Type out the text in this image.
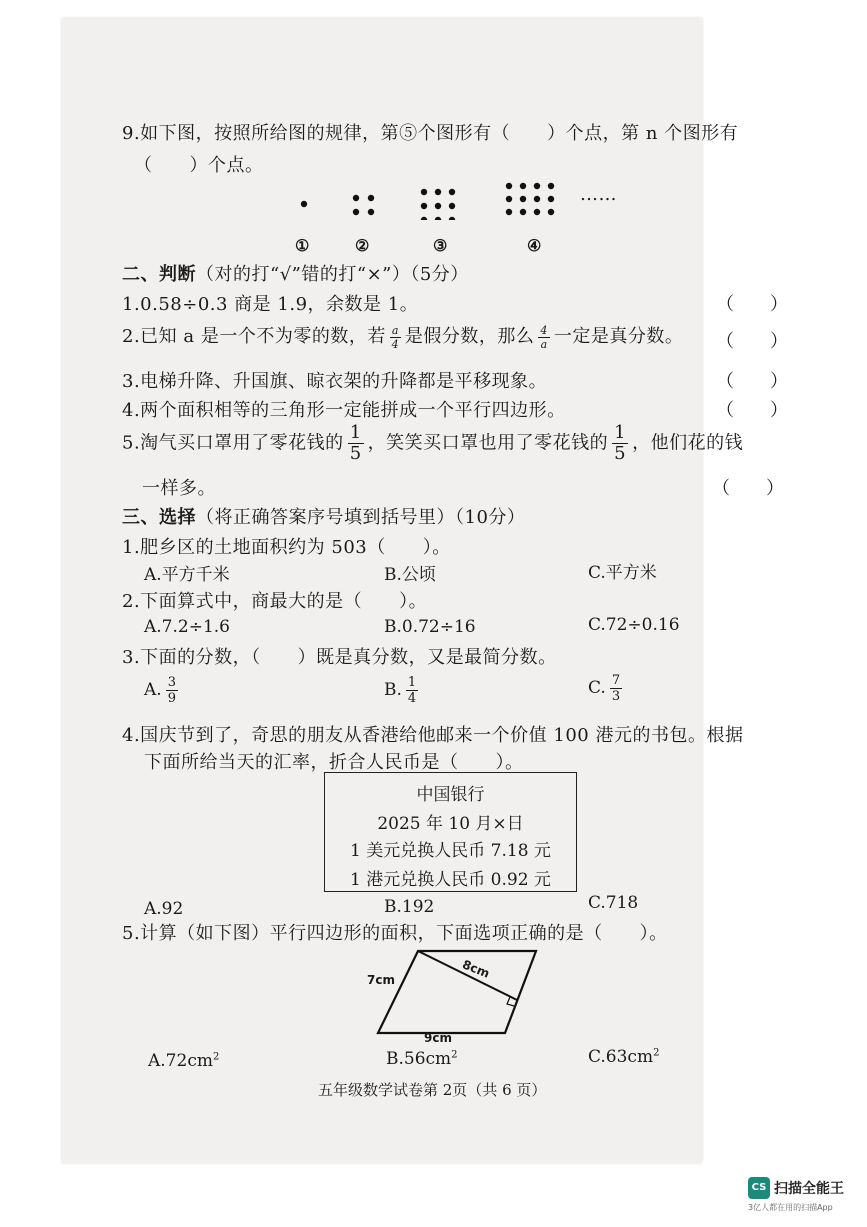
9.如下图，按照所给图的规律，第⑤个图形有（　　）个点，第 n 个图形有
（　　）个点。
……
①	②	③	④
二、判断（对的打“√”错的打“×”）（5分）
1.0.58÷0.3 商是 1.9，余数是 1。	（　　）
2.已知 a 是一个不为零的数，若 $\frac{a}{4}$ 是假分数，那么 $\frac{4}{a}$ 一定是真分数。 （　　）
3.电梯升降、升国旗、晾衣架的升降都是平移现象。	（　　）
4.两个面积相等的三角形一定能拼成一个平行四边形。	（　　）
5.淘气买口罩用了零花钱的 $\frac{1}{5}$ ，笑笑买口罩也用了零花钱的 $\frac{1}{5}$ ，他们花的钱
一样多。	（　　）
三、选择（将正确答案序号填到括号里）（10分）
1.肥乡区的土地面积约为 503（　　）。
A.平方千米	B.公顷	C.平方米
2.下面算式中，商最大的是（　　）。
A.7.2÷1.6	B.0.72÷16	C.72÷0.16
3.下面的分数，（　　）既是真分数，又是最简分数。
A. $\frac{3}{9}$	B. $\frac{1}{4}$	C. $\frac{7}{3}$
4.国庆节到了，奇思的朋友从香港给他邮来一个价值 100 港元的书包。根据
下面所给当天的汇率，折合人民币是（　　）。
中国银行
2025 年 10 月×日
1 美元兑换人民币 7.18 元
1 港元兑换人民币 0.92 元
A.92	B.192	C.718
5.计算（如下图）平行四边形的面积，下面选项正确的是（　　）。
7cm	8cm
9cm
$A.72cm^2$	$B.56cm^2$	$C.63cm^2$
五年级数学试卷第 2页（共 6 页）
CS 扫描全能王
3亿人都在用的扫描App
